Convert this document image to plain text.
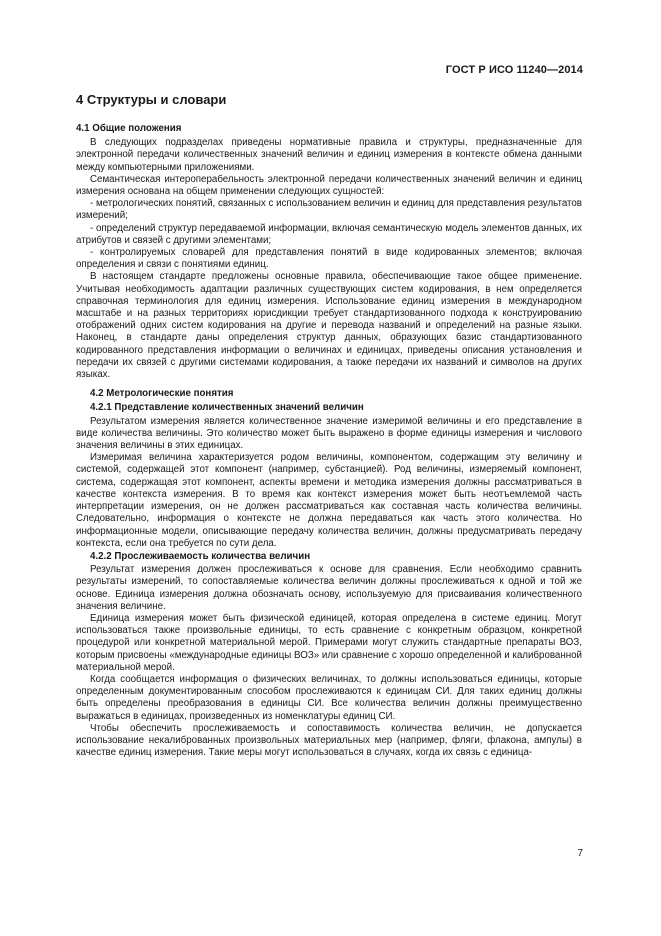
ГОСТ Р ИСО 11240—2014
4 Структуры и словари
4.1 Общие положения

В следующих подразделах приведены нормативные правила и структуры, предназначенные для электронной передачи количественных значений величин и единиц измерения в контексте обмена данными между компьютерными приложениями.

Семантическая интероперабельность электронной передачи количественных значений величин и единиц измерения основана на общем применении следующих сущностей:

- метрологических понятий, связанных с использованием величин и единиц для представления результатов измерений;

- определений структур передаваемой информации, включая семантическую модель элементов данных, их атрибутов и связей с другими элементами;

- контролируемых словарей для представления понятий в виде кодированных элементов; включая определения и связи с понятиями единиц.

В настоящем стандарте предложены основные правила, обеспечивающие такое общее применение. Учитывая необходимость адаптации различных существующих систем кодирования, в нем определяется справочная терминология для единиц измерения. Использование единиц измерения в международном масштабе и на разных территориях юрисдикции требует стандартизованного подхода к конструированию отображений одних систем кодирования на другие и перевода названий и определений на разные языки. Наконец, в стандарте даны определения структур данных, образующих базис стандартизованного кодированного представления информации о величинах и единицах, приведены описания установления и передачи их связей с другими системами кодирования, а также передачи их названий и символов на других языках.

4.2 Метрологические понятия
4.2.1 Представление количественных значений величин

Результатом измерения является количественное значение измеримой величины и его представление в виде количества величины. Это количество может быть выражено в форме единицы измерения и числового значения величины в этих единицах.

Измеримая величина характеризуется родом величины, компонентом, содержащим эту величину и системой, содержащей этот компонент (например, субстанцией). Род величины, измеряемый компонент, система, содержащая этот компонент, аспекты времени и методика измерения должны рассматриваться в качестве контекста измерения. В то время как контекст измерения может быть неотъемлемой часть интерпретации измерения, он не должен рассматриваться как составная часть количества величины. Следовательно, информация о контексте не должна передаваться как часть этого количества. Но информационные модели, описывающие передачу количества величин, должны предусматривать передачу контекста, если она требуется по сути дела.

4.2.2 Прослеживаемость количества величин

Результат измерения должен прослеживаться к основе для сравнения. Если необходимо сравнить результаты измерений, то сопоставляемые количества величин должны прослеживаться к одной и той же основе. Единица измерения должна обозначать основу, используемую для присваивания количественного значения величине.

Единица измерения может быть физической единицей, которая определена в системе единиц. Могут использоваться также произвольные единицы, то есть сравнение с конкретным образцом, конкретной процедурой или конкретной материальной мерой. Примерами могут служить стандартные препараты ВОЗ, которым присвоены «международные единицы ВОЗ» или сравнение с хорошо определенной и калиброванной материальной мерой.

Когда сообщается информация о физических величинах, то должны использоваться единицы, которые определенным документированным способом прослеживаются к единицам СИ. Для таких единиц должны быть определены преобразования в единицы СИ. Все количества величин должны преимущественно выражаться в единицах, произведенных из номенклатуры единиц СИ.

Чтобы обеспечить прослеживаемость и сопоставимость количества величин, не допускается использование некалиброванных произвольных материальных мер (например, фляги, флакона, ампулы) в качестве единиц измерения. Такие меры могут использоваться в случаях, когда их связь с единица-

7
